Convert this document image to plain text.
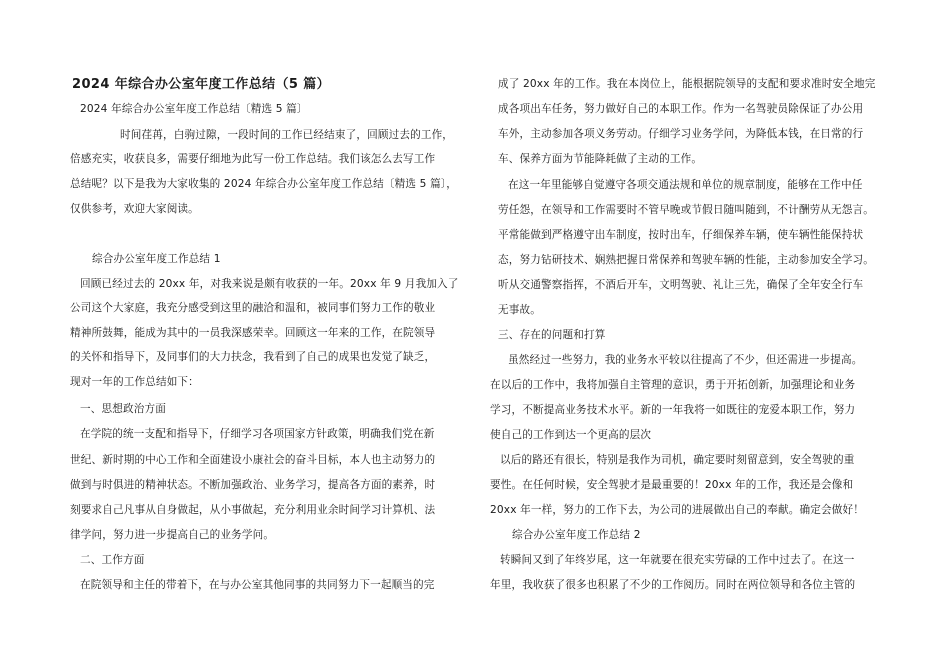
2024 年综合办公室年度工作总结（5 篇）
2024 年综合办公室年度工作总结〔精选 5 篇〕
时间荏苒，白驹过隙，一段时间的工作已经结束了，回顾过去的工作，
倍感充实，收获良多，需要仔细地为此写一份工作总结。我们该怎么去写工作
总结呢？以下是我为大家收集的 2024 年综合办公室年度工作总结〔精选 5 篇〕，
仅供参考，欢迎大家阅读。
综合办公室年度工作总结 1
回顾已经过去的 20xx 年，对我来说是颇有收获的一年。20xx 年 9 月我加入了
公司这个大家庭，我充分感受到这里的融洽和温和，被同事们努力工作的敬业
精神所鼓舞，能成为其中的一员我深感荣幸。回顾这一年来的工作，在院领导
的关怀和指导下，及同事们的大力扶念，我看到了自己的成果也发觉了缺乏，
现对一年的工作总结如下：
一、思想政治方面
在学院的统一支配和指导下，仔细学习各项国家方针政策，明确我们党在新
世纪、新时期的中心工作和全面建设小康社会的奋斗目标，本人也主动努力的
做到与时俱进的精神状态。不断加强政治、业务学习，提高各方面的素养，时
刻要求自己凡事从自身做起，从小事做起，充分利用业余时间学习计算机、法
律学问，努力进一步提高自己的业务学问。
二、工作方面
在院领导和主任的带着下，在与办公室其他同事的共同努力下一起顺当的完
成了 20xx 年的工作。我在本岗位上，能根据院领导的支配和要求准时安全地完
成各项出车任务，努力做好自己的本职工作。作为一名驾驶员除保证了办公用
车外，主动参加各项义务劳动。仔细学习业务学问，为降低本钱，在日常的行
车、保养方面为节能降耗做了主动的工作。
在这一年里能够自觉遵守各项交通法规和单位的规章制度，能够在工作中任
劳任怨，在领导和工作需要时不管早晚或节假日随叫随到，不计酬劳从无怨言。
平常能做到严格遵守出车制度，按时出车，仔细保养车辆，使车辆性能保持状
态，努力钻研技术、娴熟把握日常保养和驾驶车辆的性能，主动参加安全学习。
听从交通警察指挥，不酒后开车，文明驾驶、礼让三先，确保了全年安全行车
无事故。
三、存在的问题和打算
虽然经过一些努力，我的业务水平较以往提高了不少，但还需进一步提高。
在以后的工作中，我将加强自主管理的意识，勇于开拓创新，加强理论和业务
学习，不断提高业务技术水平。新的一年我将一如既往的宠爱本职工作，努力
使自己的工作到达一个更高的层次
以后的路还有很长，特别是我作为司机，确定要时刻留意到，安全驾驶的重
要性。在任何时候，安全驾驶才是最重要的！20xx 年的工作，我还是会像和
20xx 年一样，努力的工作下去，为公司的进展做出自己的奉献。确定会做好！
综合办公室年度工作总结 2
转瞬间又到了年终岁尾，这一年就要在很充实劳碌的工作中过去了。在这一
年里，我收获了很多也积累了不少的工作阅历。同时在两位领导和各位主管的
